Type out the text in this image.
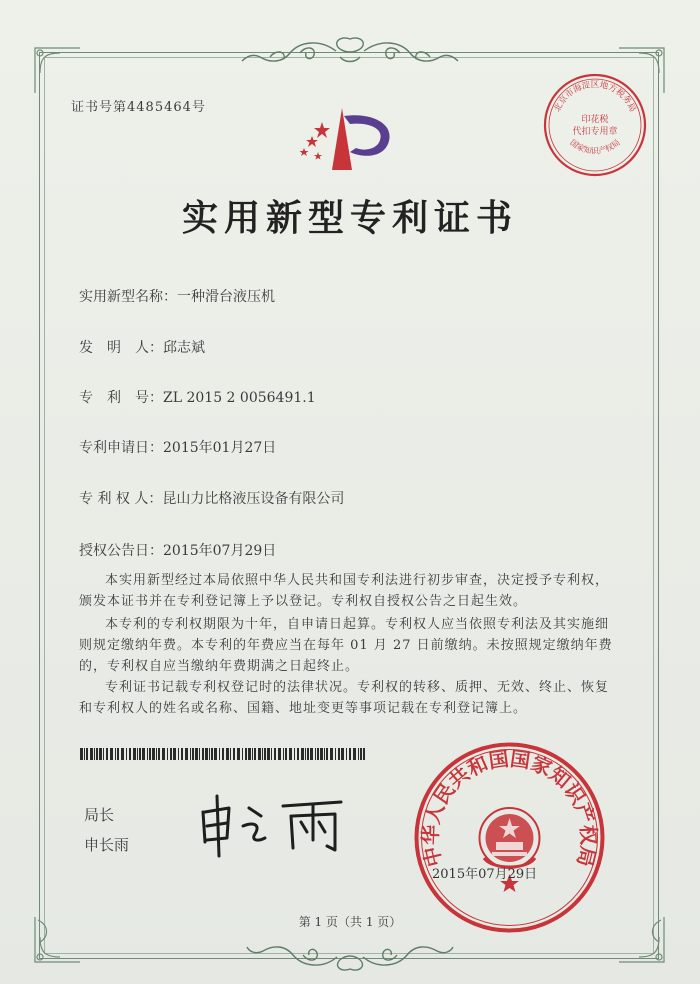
证书号第4485464号
实用新型专利证书
实用新型名称：一种滑台液压机
发　明　人：邱志斌
专　利　号：ZL 2015 2 0056491.1
专利申请日：2015年01月27日
专 利 权 人：昆山力比格液压设备有限公司
授权公告日：2015年07月29日

本实用新型经过本局依照中华人民共和国专利法进行初步审查，决定授予专利权，颁发本证书并在专利登记簿上予以登记。专利权自授权公告之日起生效。

本专利的专利权期限为十年，自申请日起算。专利权人应当依照专利法及其实施细则规定缴纳年费。本专利的年费应当在每年 01 月 27 日前缴纳。未按照规定缴纳年费的，专利权自应当缴纳年费期满之日起终止。

专利证书记载专利权登记时的法律状况。专利权的转移、质押、无效、终止、恢复和专利权人的姓名或名称、国籍、地址变更等事项记载在专利登记簿上。

局长
申长雨
北京市海淀区地方税务局
印花税
代扣专用章
国家知识产权局
中华人民共和国国家知识产权局
2015年07月29日
第 1 页（共 1 页）
